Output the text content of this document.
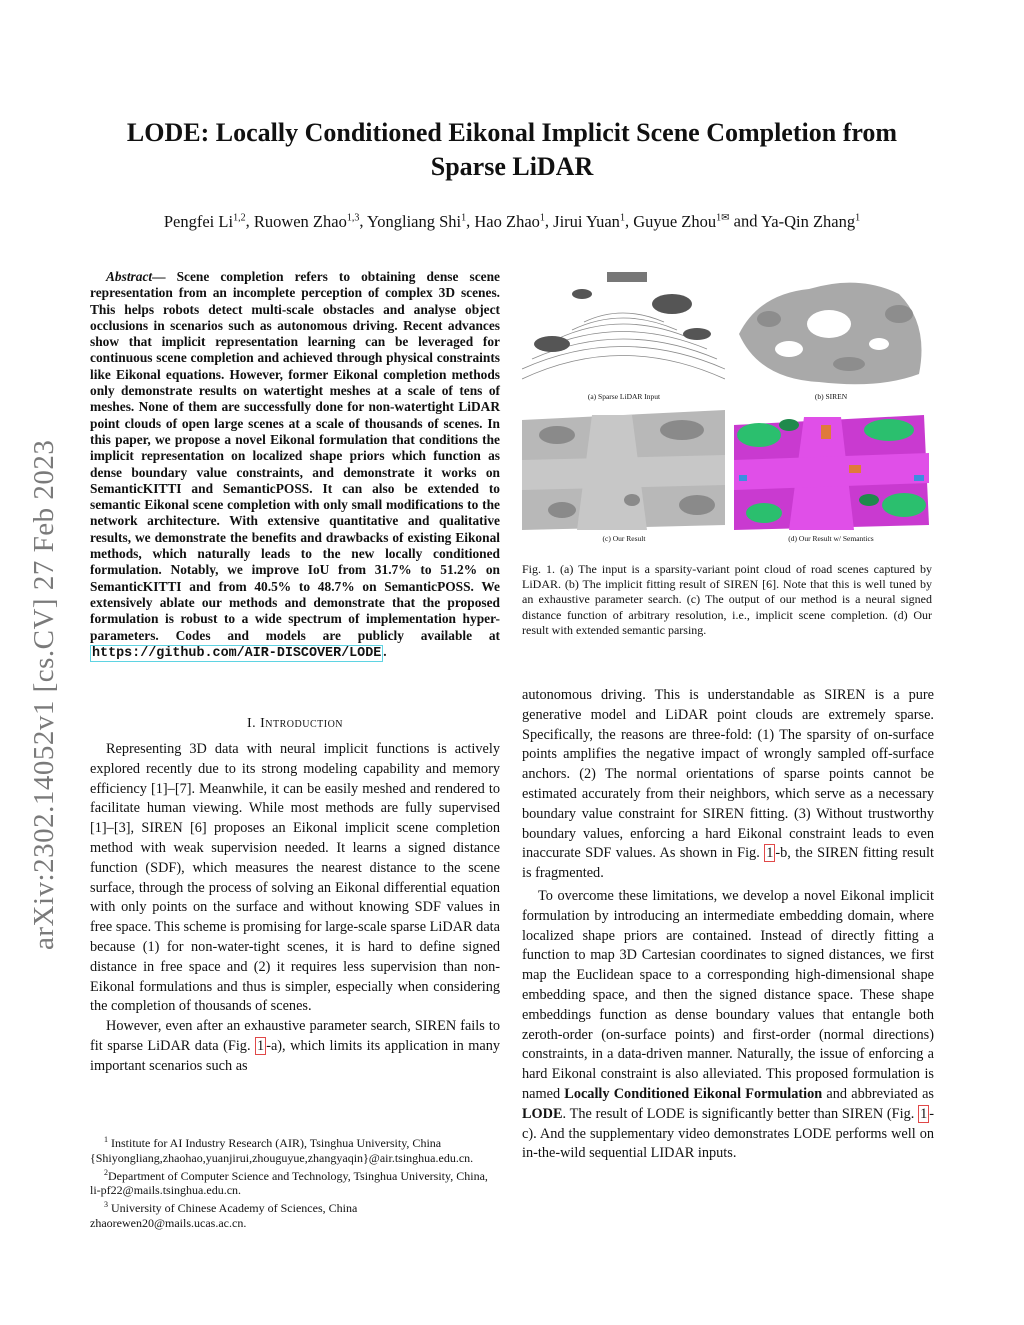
arXiv:2302.14052v1 [cs.CV] 27 Feb 2023
LODE: Locally Conditioned Eikonal Implicit Scene Completion from
Sparse LiDAR
Pengfei Li$^{1,2}$, Ruowen Zhao$^{1,3}$, Yongliang Shi$^1$, Hao Zhao$^1$, Jirui Yuan$^1$, Guyue Zhou$^{1✉}$ and Ya-Qin Zhang$^1$
Abstract— Scene completion refers to obtaining dense scene representation from an incomplete perception of complex 3D scenes. This helps robots detect multi-scale obstacles and analyse object occlusions in scenarios such as autonomous driving. Recent advances show that implicit representation learning can be leveraged for continuous scene completion and achieved through physical constraints like Eikonal equations. However, former Eikonal completion methods only demonstrate results on watertight meshes at a scale of tens of meshes. None of them are successfully done for non-watertight LiDAR point clouds of open large scenes at a scale of thousands of scenes. In this paper, we propose a novel Eikonal formulation that conditions the implicit representation on localized shape priors which function as dense boundary value constraints, and demonstrate it works on SemanticKITTI and SemanticPOSS. It can also be extended to semantic Eikonal scene completion with only small modifications to the network architecture. With extensive quantitative and qualitative results, we demonstrate the benefits and drawbacks of existing Eikonal methods, which naturally leads to the new locally conditioned formulation. Notably, we improve IoU from 31.7% to 51.2% on SemanticKITTI and from 40.5% to 48.7% on SemanticPOSS. We extensively ablate our methods and demonstrate that the proposed formulation is robust to a wide spectrum of implementation hyper-parameters. Codes and models are publicly available at https://github.com/AIR-DISCOVER/LODE .
I. Introduction

Representing 3D data with neural implicit functions is actively explored recently due to its strong modeling capability and memory efficiency [1]–[7]. Meanwhile, it can be easily meshed and rendered to facilitate human viewing. While most methods are fully supervised [1]–[3], SIREN [6] proposes an Eikonal implicit scene completion method with weak supervision needed. It learns a signed distance function (SDF), which measures the nearest distance to the scene surface, through the process of solving an Eikonal differential equation with only points on the surface and without knowing SDF values in free space. This scheme is promising for large-scale sparse LiDAR data because (1) for non-water-tight scenes, it is hard to define signed distance in free space and (2) it requires less supervision than non-Eikonal formulations and thus is simpler, especially when considering the completion of thousands of scenes.

However, even after an exhaustive parameter search, SIREN fails to fit sparse LiDAR data (Fig. 1 -a), which limits its application in many important scenarios such as

$^1$ Institute for AI Industry Research (AIR), Tsinghua University, China {Shiyongliang,zhaohao,yuanjirui,zhouguyue,zhangyaqin}@air.tsinghua.edu.cn.

$^2$Department of Computer Science and Technology, Tsinghua University, China, li-pf22@mails.tsinghua.edu.cn.

$^3$ University of Chinese Academy of Sciences, China zhaorewen20@mails.ucas.ac.cn.

(a) Sparse LiDAR Input	(b) SIREN
(c) Our Result	(d) Our Result w/ Semantics
Fig. 1. (a) The input is a sparsity-variant point cloud of road scenes captured by LiDAR. (b) The implicit fitting result of SIREN [6]. Note that this is well tuned by an exhaustive parameter search. (c) The output of our method is a neural signed distance function of arbitrary resolution, i.e., implicit scene completion. (d) Our result with extended semantic parsing.

autonomous driving. This is understandable as SIREN is a pure generative model and LiDAR point clouds are extremely sparse. Specifically, the reasons are three-fold: (1) The sparsity of on-surface points amplifies the negative impact of wrongly sampled off-surface anchors. (2) The normal orientations of sparse points cannot be estimated accurately from their neighbors, which serve as a necessary boundary value constraint for SIREN fitting. (3) Without trustworthy boundary values, enforcing a hard Eikonal constraint leads to even inaccurate SDF values. As shown in Fig. 1 -b, the SIREN fitting result is fragmented.

To overcome these limitations, we develop a novel Eikonal implicit formulation by introducing an intermediate embedding domain, where localized shape priors are contained. Instead of directly fitting a function to map 3D Cartesian coordinates to signed distances, we first map the Euclidean space to a corresponding high-dimensional shape embedding space, and then the signed distance space. These shape embeddings function as dense boundary values that entangle both zeroth-order (on-surface points) and first-order (normal directions) constraints, in a data-driven manner. Naturally, the issue of enforcing a hard Eikonal constraint is also alleviated. This proposed formulation is named Locally Conditioned Eikonal Formulation and abbreviated as LODE. The result of LODE is significantly better than SIREN (Fig. 1 -c). And the supplementary video demonstrates LODE performs well on in-the-wild sequential LIDAR inputs.
